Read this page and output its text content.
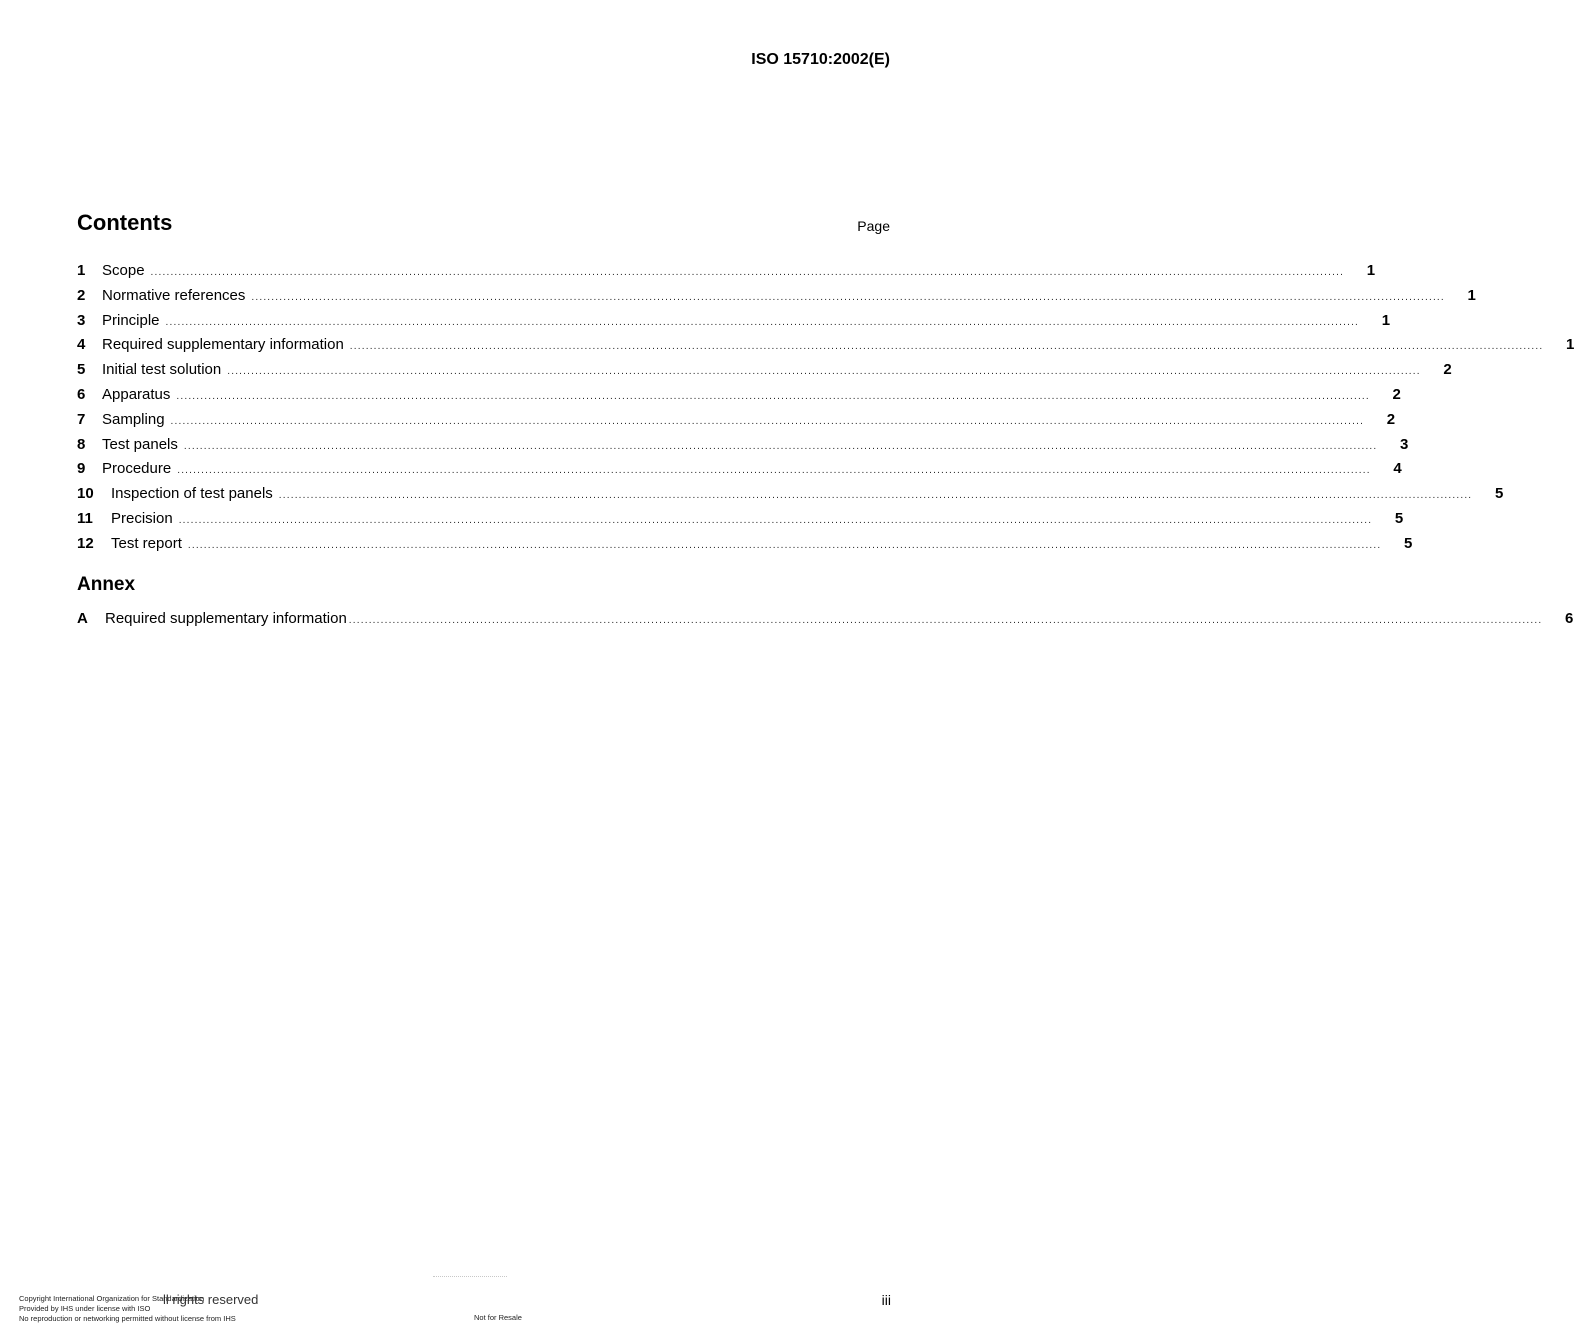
ISO 15710:2002(E)
Contents	Page
1	Scope ............................................................................................................................................................................................................................................................................................................	1
2	Normative references ............................................................................................................................................................................................................................................................................................................	1
3	Principle ............................................................................................................................................................................................................................................................................................................	1
4	Required supplementary information ............................................................................................................................................................................................................................................................................................................	1
5	Initial test solution ............................................................................................................................................................................................................................................................................................................	2
6	Apparatus ............................................................................................................................................................................................................................................................................................................	2
7	Sampling ............................................................................................................................................................................................................................................................................................................	2
8	Test panels ............................................................................................................................................................................................................................................................................................................	3
9	Procedure ............................................................................................................................................................................................................................................................................................................	4
10	Inspection of test panels ............................................................................................................................................................................................................................................................................................................	5
11	Precision ............................................................................................................................................................................................................................................................................................................	5
12	Test report ............................................................................................................................................................................................................................................................................................................	5
Annex
A	Required supplementary information ............................................................................................................................................................................................................................................................................................................	6
ll rights reserved
Copyright International Organization for Standardization
Provided by IHS under license with ISO
No reproduction or networking permitted without license from IHS	Not for Resale
iii
